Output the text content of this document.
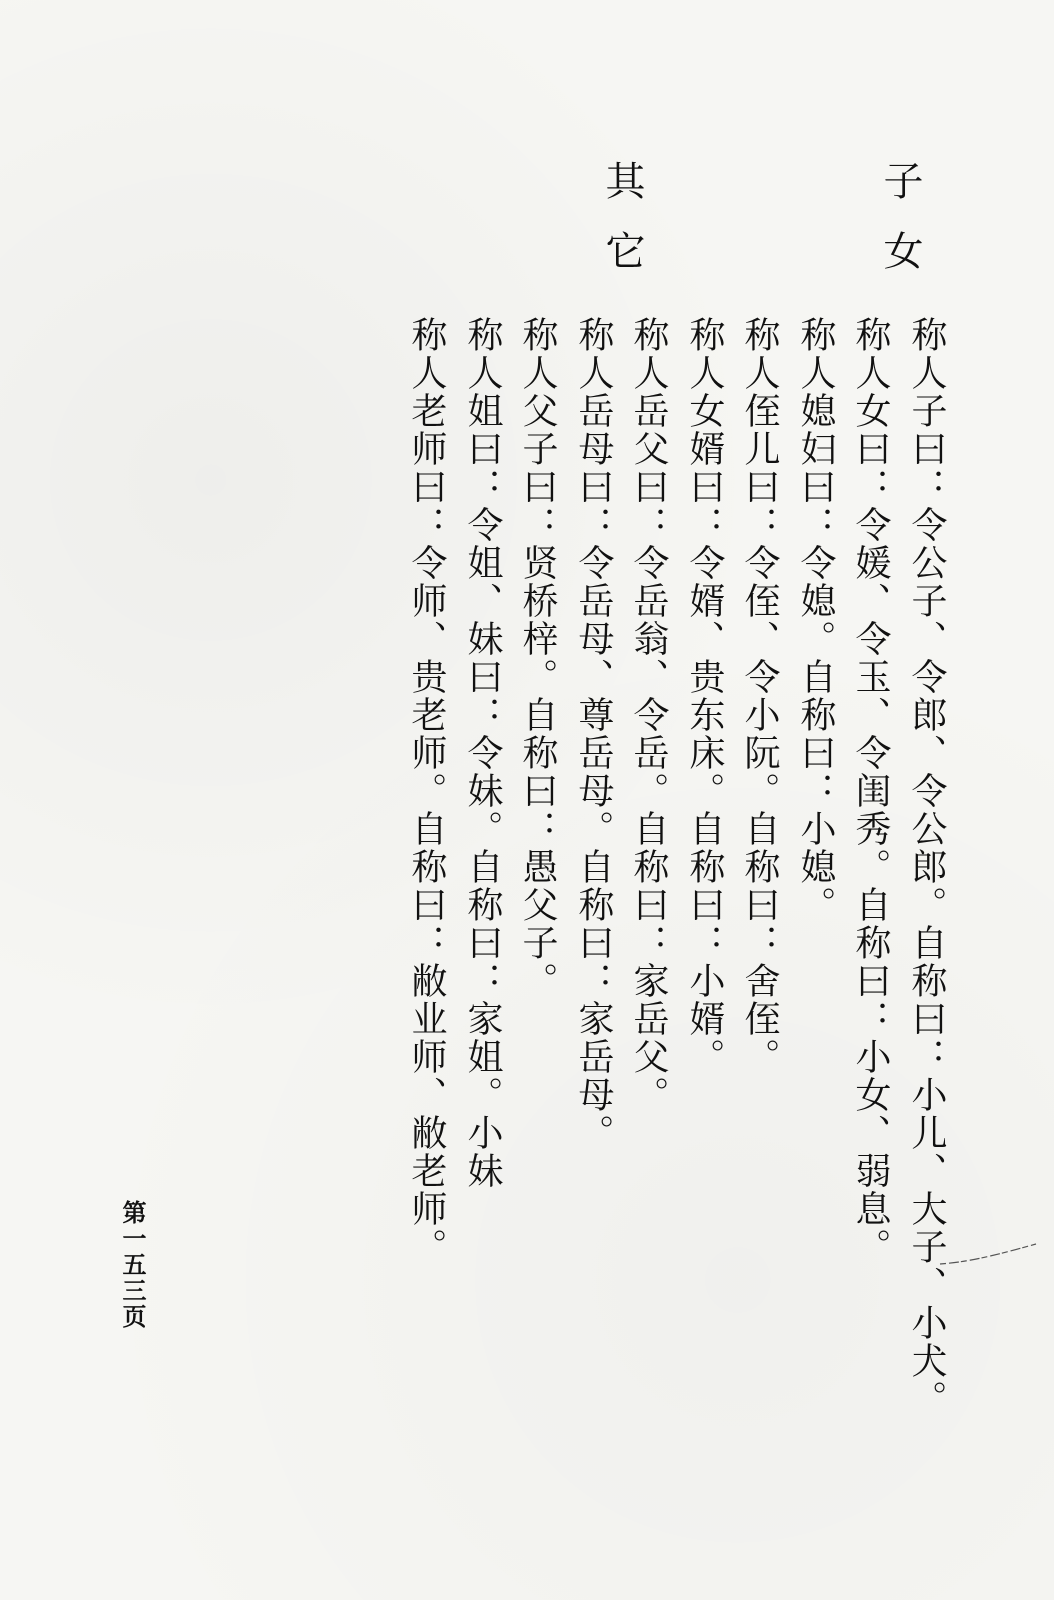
子女
其它
称人子曰：令公子、令郎、令公郎。自称曰：小儿、大子、小犬。
称人女曰：令媛、令玉、令闺秀。自称曰：小女、弱息。
称人媳妇曰：令媳。自称曰：小媳。
称人侄儿曰：令侄、令小阮。自称曰：舍侄。
称人女婿曰：令婿、贵东床。自称曰：小婿。
称人岳父曰：令岳翁、令岳。自称曰：家岳父。
称人岳母曰：令岳母、尊岳母。自称曰：家岳母。
称人父子曰：贤桥梓。自称曰：愚父子。
称人姐曰：令姐、妹曰：令妹。自称曰：家姐。小妹
称人老师曰：令师、贵老师。自称曰：敝业师、敝老师。
第一五三页
